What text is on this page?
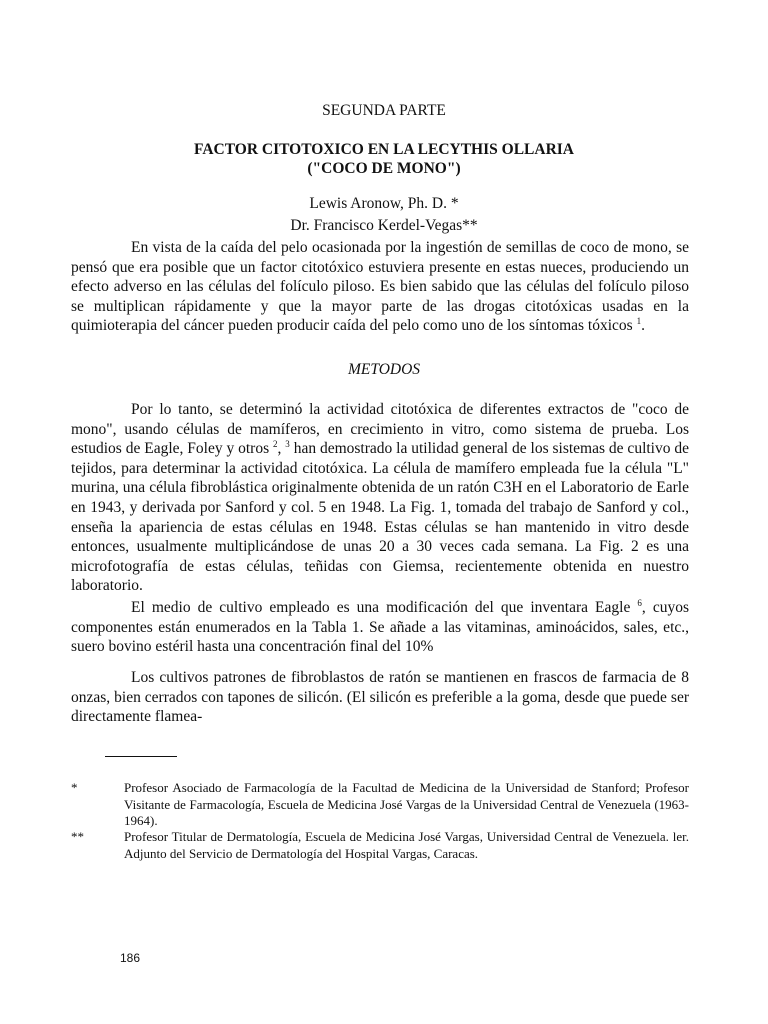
SEGUNDA PARTE
FACTOR CITOTOXICO EN LA LECYTHIS OLLARIA
("COCO DE MONO")
Lewis Aronow, Ph. D. *
Dr. Francisco Kerdel-Vegas**

En vista de la caída del pelo ocasionada por la ingestión de semillas de coco de mono, se pensó que era posible que un factor citotóxico estuviera presente en estas nueces, produciendo un efecto adverso en las células del folículo piloso. Es bien sabido que las células del folículo piloso se multiplican rápidamente y que la mayor parte de las drogas citotóxicas usadas en la quimioterapia del cáncer pueden producir caída del pelo como uno de los síntomas tóxicos $^1$.

METODOS

Por lo tanto, se determinó la actividad citotóxica de diferentes extractos de "coco de mono", usando células de mamíferos, en crecimiento in vitro, como sistema de prueba. Los estudios de Eagle, Foley y otros $^2$, $^3$ han demostrado la utilidad general de los sistemas de cultivo de tejidos, para determinar la actividad citotóxica. La célula de mamífero empleada fue la célula "L" murina, una célula fibroblástica originalmente obtenida de un ratón C3H en el Laboratorio de Earle en 1943, y derivada por Sanford y col. 5 en 1948. La Fig. 1, tomada del trabajo de Sanford y col., enseña la apariencia de estas células en 1948. Estas células se han mantenido in vitro desde entonces, usualmente multiplicándose de unas 20 a 30 veces cada semana. La Fig. 2 es una microfotografía de estas células, teñidas con Giemsa, recientemente obtenida en nuestro laboratorio.

El medio de cultivo empleado es una modificación del que inventara Eagle $^6$, cuyos componentes están enumerados en la Tabla 1. Se añade a las vitaminas, aminoácidos, sales, etc., suero bovino estéril hasta una concentración final del 10%

Los cultivos patrones de fibroblastos de ratón se mantienen en frascos de farmacia de 8 onzas, bien cerrados con tapones de silicón. (El silicón es preferible a la goma, desde que puede ser directamente flamea-

*	Profesor Asociado de Farmacología de la Facultad de Medicina de la Universidad de Stanford; Profesor Visitante de Farmacología, Escuela de Medicina José Vargas de la Universidad Central de Venezuela (1963-1964).
**	Profesor Titular de Dermatología, Escuela de Medicina José Vargas, Universidad Central de Venezuela. ler. Adjunto del Servicio de Dermatología del Hospital Vargas, Caracas.
186
